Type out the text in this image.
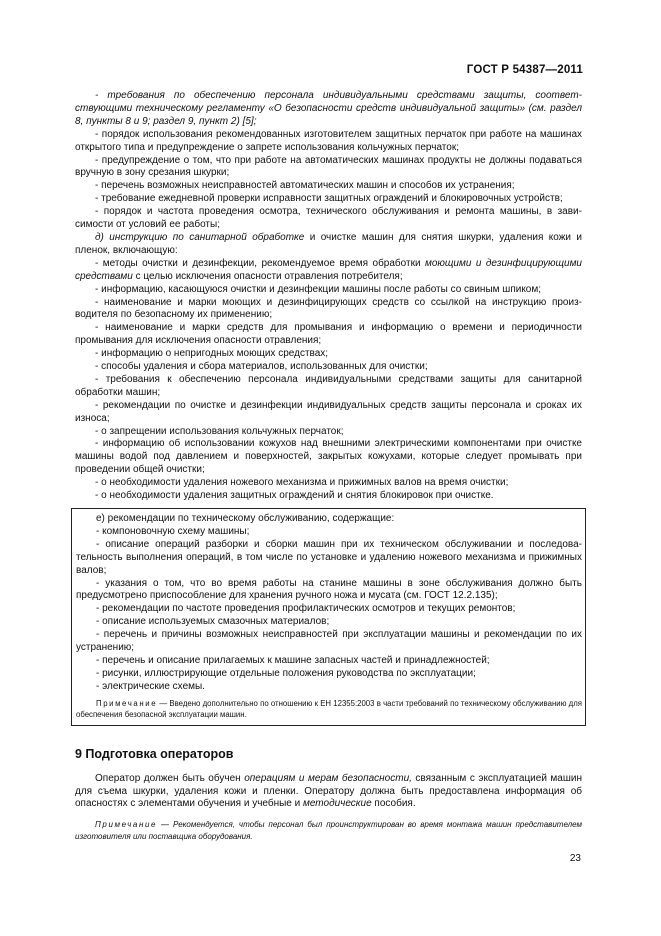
ГОСТ Р 54387—2011

- требования по обеспечению персонала индивидуальными средствами защиты, соответствующими техническому регламенту «О безопасности средств индивидуальной защиты» (см. раздел 8, пункты 8 и 9; раздел 9, пункт 2) [5];

- порядок использования рекомендованных изготовителем защитных перчаток при работе на машинах открытого типа и предупреждение о запрете использования кольчужных перчаток;

- предупреждение о том, что при работе на автоматических машинах продукты не должны подаваться вручную в зону срезания шкурки;

- перечень возможных неисправностей автоматических машин и способов их устранения;

- требование ежедневной проверки исправности защитных ограждений и блокировочных устройств;

- порядок и частота проведения осмотра, технического обслуживания и ремонта машины, в зависимости от условий ее работы;

д) инструкцию по санитарной обработке и очистке машин для снятия шкурки, удаления кожи и пленок, включающую:

- методы очистки и дезинфекции, рекомендуемое время обработки моющими и дезинфицирующими средствами с целью исключения опасности отравления потребителя;

- информацию, касающуюся очистки и дезинфекции машины после работы со свиным шпиком;

- наименование и марки моющих и дезинфицирующих средств со ссылкой на инструкцию производителя по безопасному их применению;

- наименование и марки средств для промывания и информацию о времени и периодичности промывания для исключения опасности отравления;

- информацию о непригодных моющих средствах;

- способы удаления и сбора материалов, использованных для очистки;

- требования к обеспечению персонала индивидуальными средствами защиты для санитарной обработки машин;

- рекомендации по очистке и дезинфекции индивидуальных средств защиты персонала и сроках их износа;

- о запрещении использования кольчужных перчаток;

- информацию об использовании кожухов над внешними электрическими компонентами при очистке машины водой под давлением и поверхностей, закрытых кожухами, которые следует промывать при проведении общей очистки;

- о необходимости удаления ножевого механизма и прижимных валов на время очистки;

- о необходимости удаления защитных ограждений и снятия блокировок при очистке.

е) рекомендации по техническому обслуживанию, содержащие:

- компоновочную схему машины;

- описание операций разборки и сборки машин при их техническом обслуживании и последовательность выполнения операций, в том числе по установке и удалению ножевого механизма и прижимных валов;

- указания о том, что во время работы на станине машины в зоне обслуживания должно быть предусмотрено приспособление для хранения ручного ножа и мусата (см. ГОСТ 12.2.135);

- рекомендации по частоте проведения профилактических осмотров и текущих ремонтов;

- описание используемых смазочных материалов;

- перечень и причины возможных неисправностей при эксплуатации машины и рекомендации по их устранению;

- перечень и описание прилагаемых к машине запасных частей и принадлежностей;

- рисунки, иллюстрирующие отдельные положения руководства по эксплуатации;

- электрические схемы.

Примечание — Введено дополнительно по отношению к ЕН 12355:2003 в части требований по техническому обслуживанию для обеспечения безопасной эксплуатации машин.

9 Подготовка операторов

Оператор должен быть обучен операциям и мерам безопасности, связанным с эксплуатацией машин для съема шкурки, удаления кожи и пленки. Оператору должна быть предоставлена информация об опасностях с элементами обучения и учебные и методические пособия.

Примечание — Рекомендуется, чтобы персонал был проинструктирован во время монтажа машин представителем изготовителя или поставщика оборудования.

23
